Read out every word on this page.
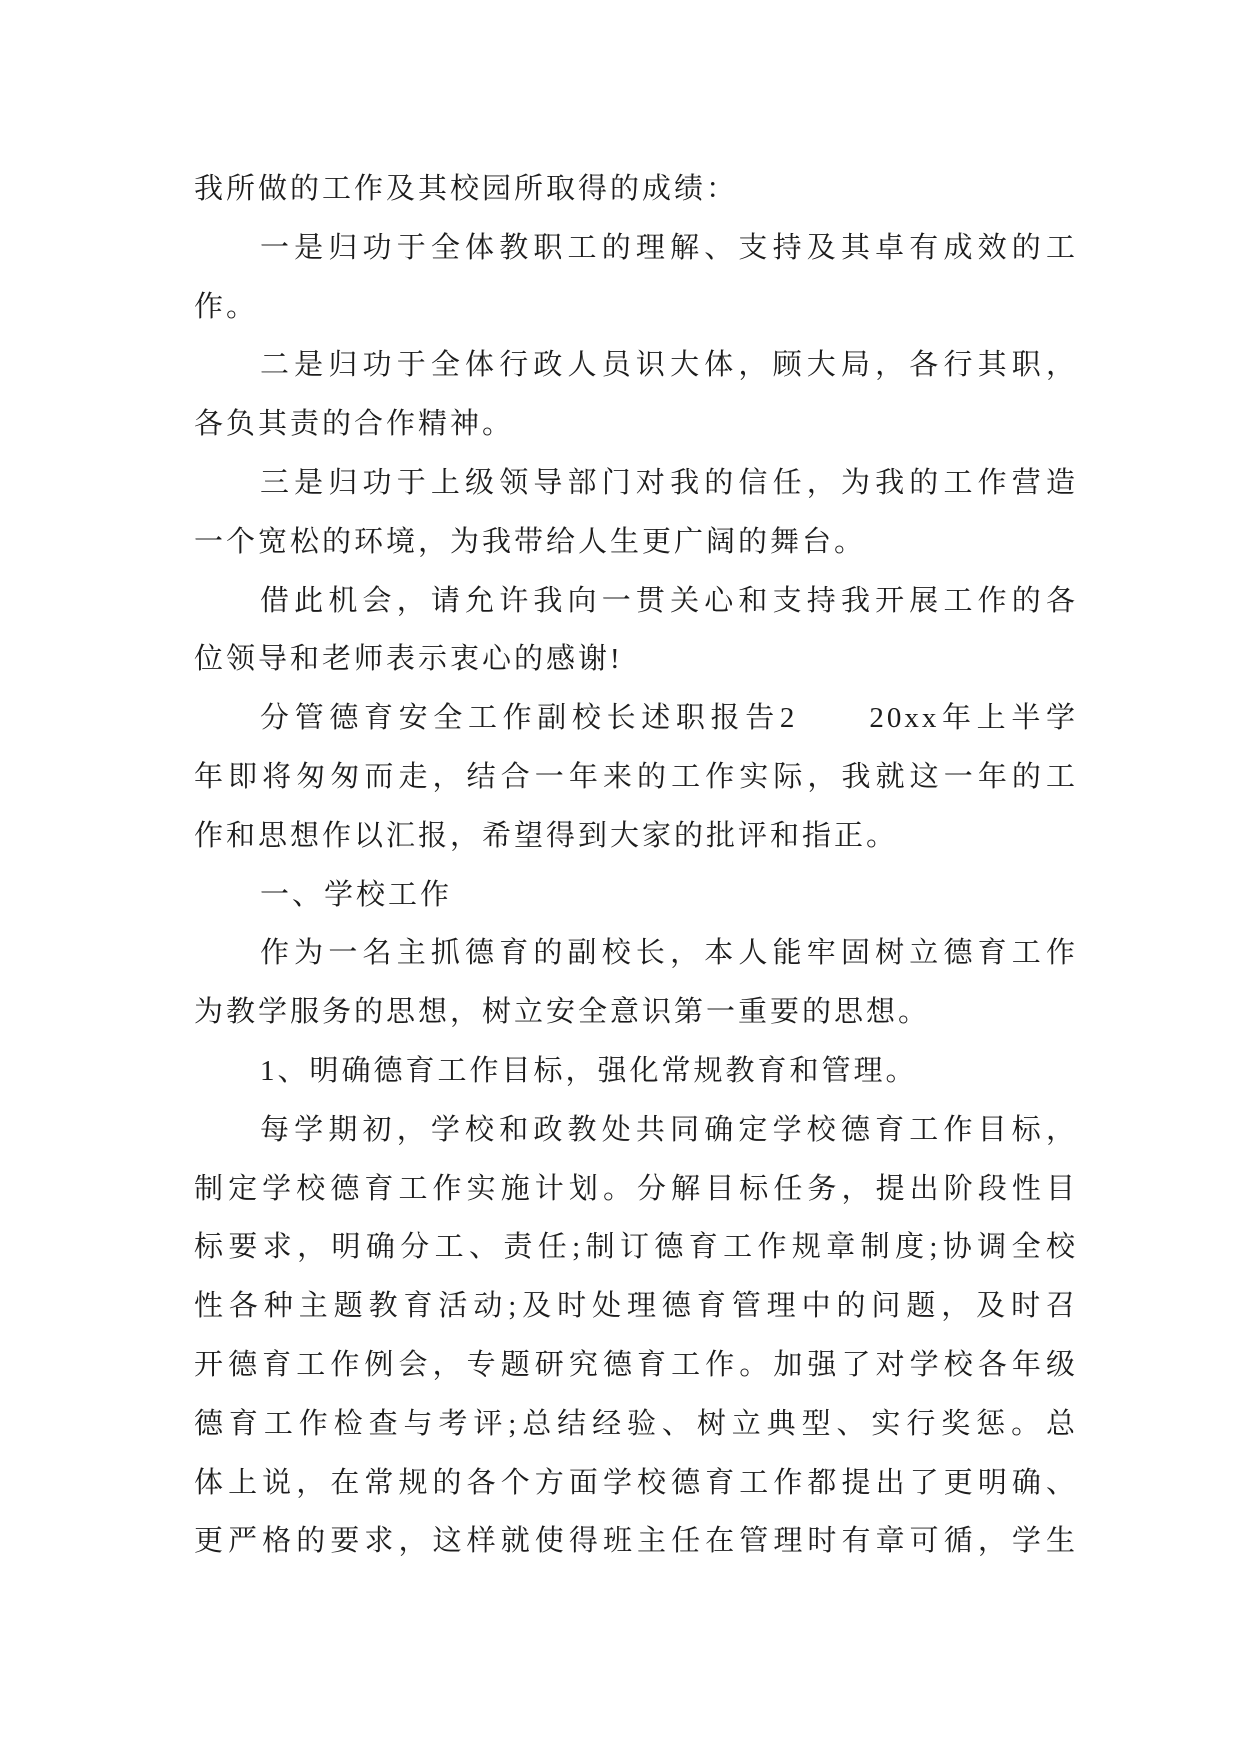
我所做的工作及其校园所取得的成绩：
一是归功于全体教职工的理解、支持及其卓有成效的工
作。
二是归功于全体行政人员识大体，顾大局，各行其职，
各负其责的合作精神。
三是归功于上级领导部门对我的信任，为我的工作营造
一个宽松的环境，为我带给人生更广阔的舞台。
借此机会，请允许我向一贯关心和支持我开展工作的各
位领导和老师表示衷心的感谢!
分管德育安全工作副校长述职报告2　　20xx年上半学
年即将匆匆而走，结合一年来的工作实际，我就这一年的工
作和思想作以汇报，希望得到大家的批评和指正。
一、学校工作
作为一名主抓德育的副校长，本人能牢固树立德育工作
为教学服务的思想，树立安全意识第一重要的思想。
1、明确德育工作目标，强化常规教育和管理。
每学期初，学校和政教处共同确定学校德育工作目标，
制定学校德育工作实施计划。分解目标任务，提出阶段性目
标要求，明确分工、责任;制订德育工作规章制度;协调全校
性各种主题教育活动;及时处理德育管理中的问题，及时召
开德育工作例会，专题研究德育工作。加强了对学校各年级
德育工作检查与考评;总结经验、树立典型、实行奖惩。总
体上说，在常规的各个方面学校德育工作都提出了更明确、
更严格的要求，这样就使得班主任在管理时有章可循，学生
